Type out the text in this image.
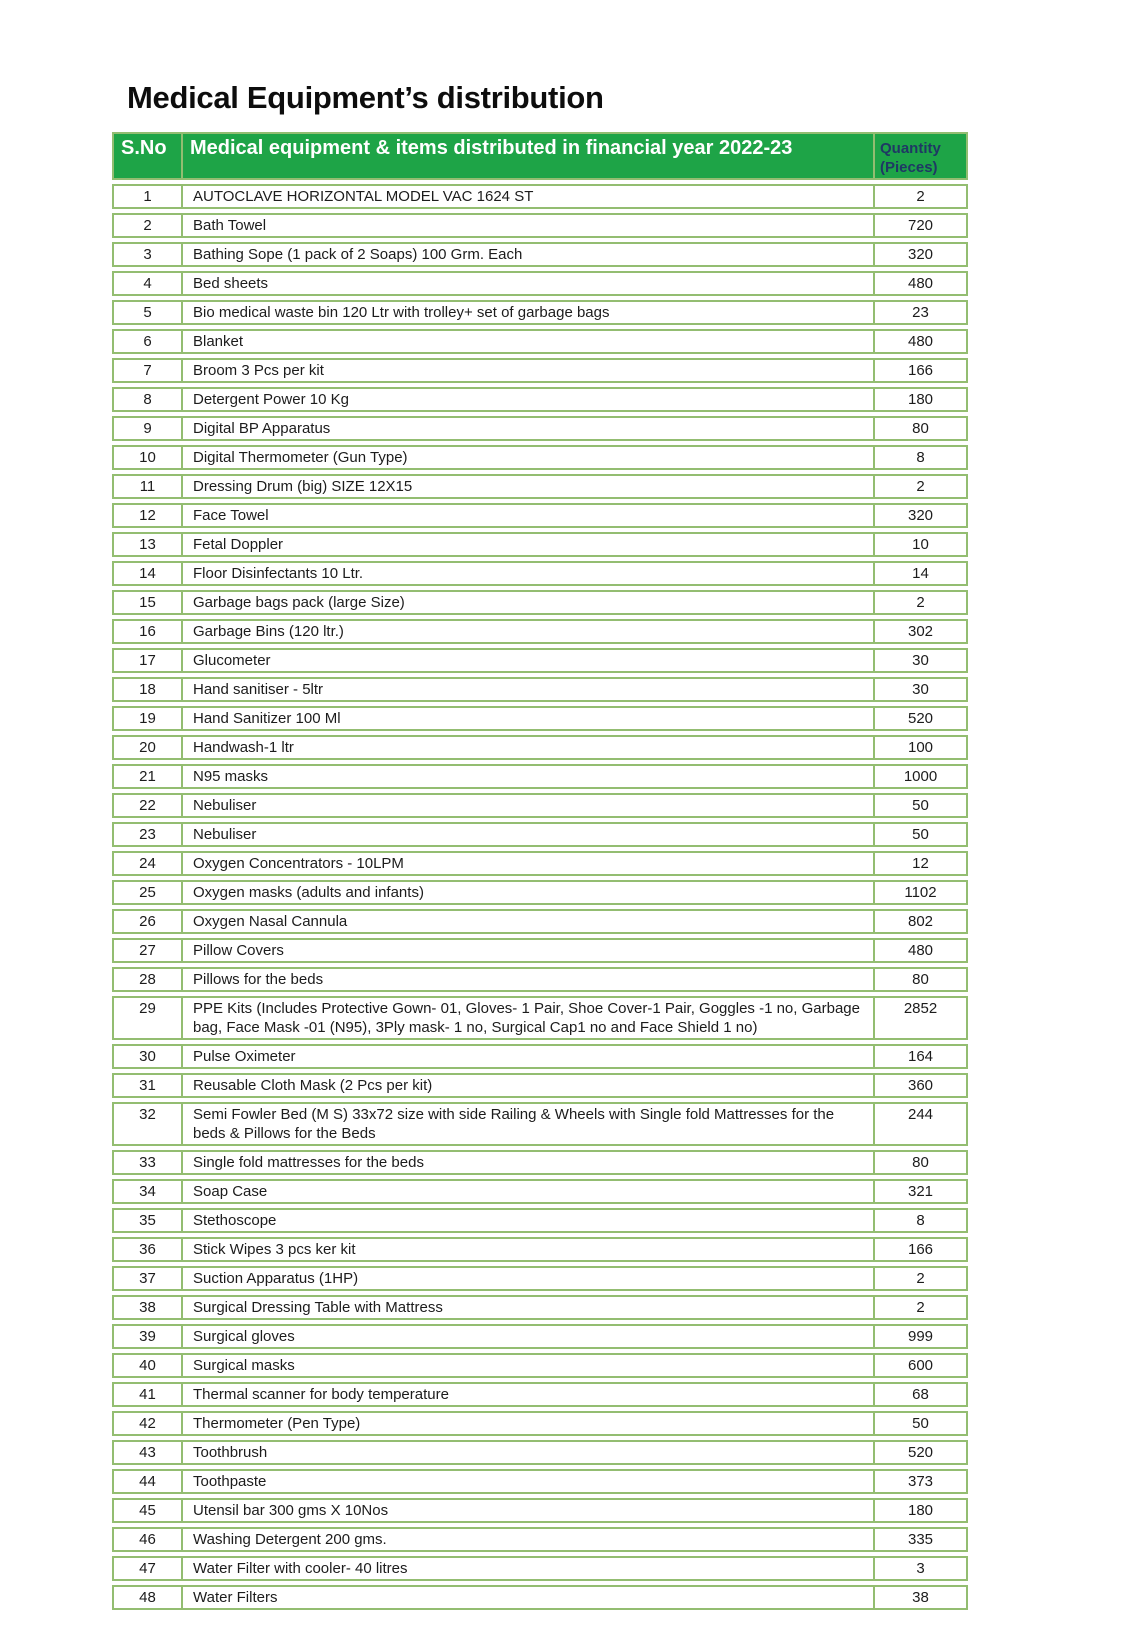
Medical Equipment’s distribution
S.No	Medical equipment & items distributed in financial year 2022-23	Quantity (Pieces)
1	AUTOCLAVE HORIZONTAL MODEL VAC 1624 ST	2
2	Bath Towel	720
3	Bathing Sope (1 pack of 2 Soaps) 100 Grm. Each	320
4	Bed sheets	480
5	Bio medical waste bin 120 Ltr with trolley+ set of garbage bags	23
6	Blanket	480
7	Broom 3 Pcs per kit	166
8	Detergent Power 10 Kg	180
9	Digital BP Apparatus	80
10	Digital Thermometer (Gun Type)	8
11	Dressing Drum (big) SIZE 12X15	2
12	Face Towel	320
13	Fetal Doppler	10
14	Floor Disinfectants 10 Ltr.	14
15	Garbage bags pack (large Size)	2
16	Garbage Bins (120 ltr.)	302
17	Glucometer	30
18	Hand sanitiser - 5ltr	30
19	Hand Sanitizer 100 Ml	520
20	Handwash-1 ltr	100
21	N95 masks	1000
22	Nebuliser	50
23	Nebuliser	50
24	Oxygen Concentrators - 10LPM	12
25	Oxygen masks (adults and infants)	1102
26	Oxygen Nasal Cannula	802
27	Pillow Covers	480
28	Pillows for the beds	80
29	PPE Kits (Includes Protective Gown- 01, Gloves- 1 Pair, Shoe Cover-1 Pair, Goggles -1 no, Garbage bag, Face Mask -01 (N95), 3Ply mask- 1 no, Surgical Cap1 no and Face Shield 1 no)	2852
30	Pulse Oximeter	164
31	Reusable Cloth Mask (2 Pcs per kit)	360
32	Semi Fowler Bed (M S) 33x72 size with side Railing & Wheels with Single fold Mattresses for the beds & Pillows for the Beds	244
33	Single fold mattresses for the beds	80
34	Soap Case	321
35	Stethoscope	8
36	Stick Wipes 3 pcs ker kit	166
37	Suction Apparatus (1HP)	2
38	Surgical Dressing Table with Mattress	2
39	Surgical gloves	999
40	Surgical masks	600
41	Thermal scanner for body temperature	68
42	Thermometer (Pen Type)	50
43	Toothbrush	520
44	Toothpaste	373
45	Utensil bar 300 gms X 10Nos	180
46	Washing Detergent 200 gms.	335
47	Water Filter with cooler- 40 litres	3
48	Water Filters	38
